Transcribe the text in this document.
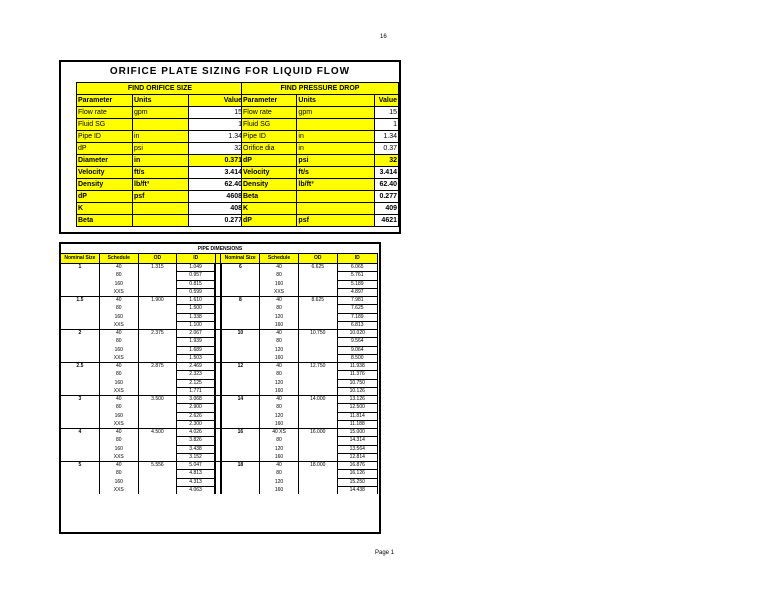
16
ORIFICE PLATE SIZING FOR LIQUID FLOW
FIND ORIFICE SIZE		
Parameter	Units	Value
Flow rate	gpm	15
Fluid SG		1
Pipe ID	in	1.34
dP	psi	32
Diameter	in	0.371
Velocity	ft/s	3.414
Density	lb/ft³	62.40
dP	psf	4608
K		408
Beta		0.277
FIND PRESSURE DROP		
Parameter	Units	Value
Flow rate	gpm	15
Fluid SG		1
Pipe ID	in	1.34
Orifice dia	in	0.37
dP	psi	32
Velocity	ft/s	3.414
Density	lb/ft³	62.40
Beta		0.277
K		409
dP	psf	4621
PIPE DIMENSIONS
Nominal Size	Schedule	OD	ID		Nominal Size	Schedule	OD	ID
1	40	1.315	1.049		6	40	6.625	6.065
	80		0.957			80		5.761
	160		0.815			160		5.189
	XXS		0.599			XXS		4.897
1.5	40	1.900	1.610		8	40	8.625	7.981
	80		1.500			80		7.625
	160		1.338			120		7.189
	XXS		1.100			160		6.813
2	40	2.375	2.067		10	40	10.750	10.020
	80		1.939			80		9.564
	160		1.689			120		9.064
	XXS		1.503			160		8.500
2.5	40	2.875	2.469		12	40	12.750	11.938
	80		2.323			80		11.376
	160		2.125			120		10.750
	XXS		1.771			160		10.126
3	40	3.500	3.068		14	40	14.000	13.126
	80		2.900			80		12.500
	160		2.626			120		11.814
	XXS		2.300			160		11.188
4	40	4.500	4.026		16	40 XS	16.000	15.000
	80		3.826			80		14.314
	160		3.438			120		13.564
	XXS		3.152			160		12.814
5	40	5.556	5.047		18	40	18.000	16.876
	80		4.813			80		16.126
	160		4.313			120		15.250
	XXS		4.063			160		14.438
Page 1
